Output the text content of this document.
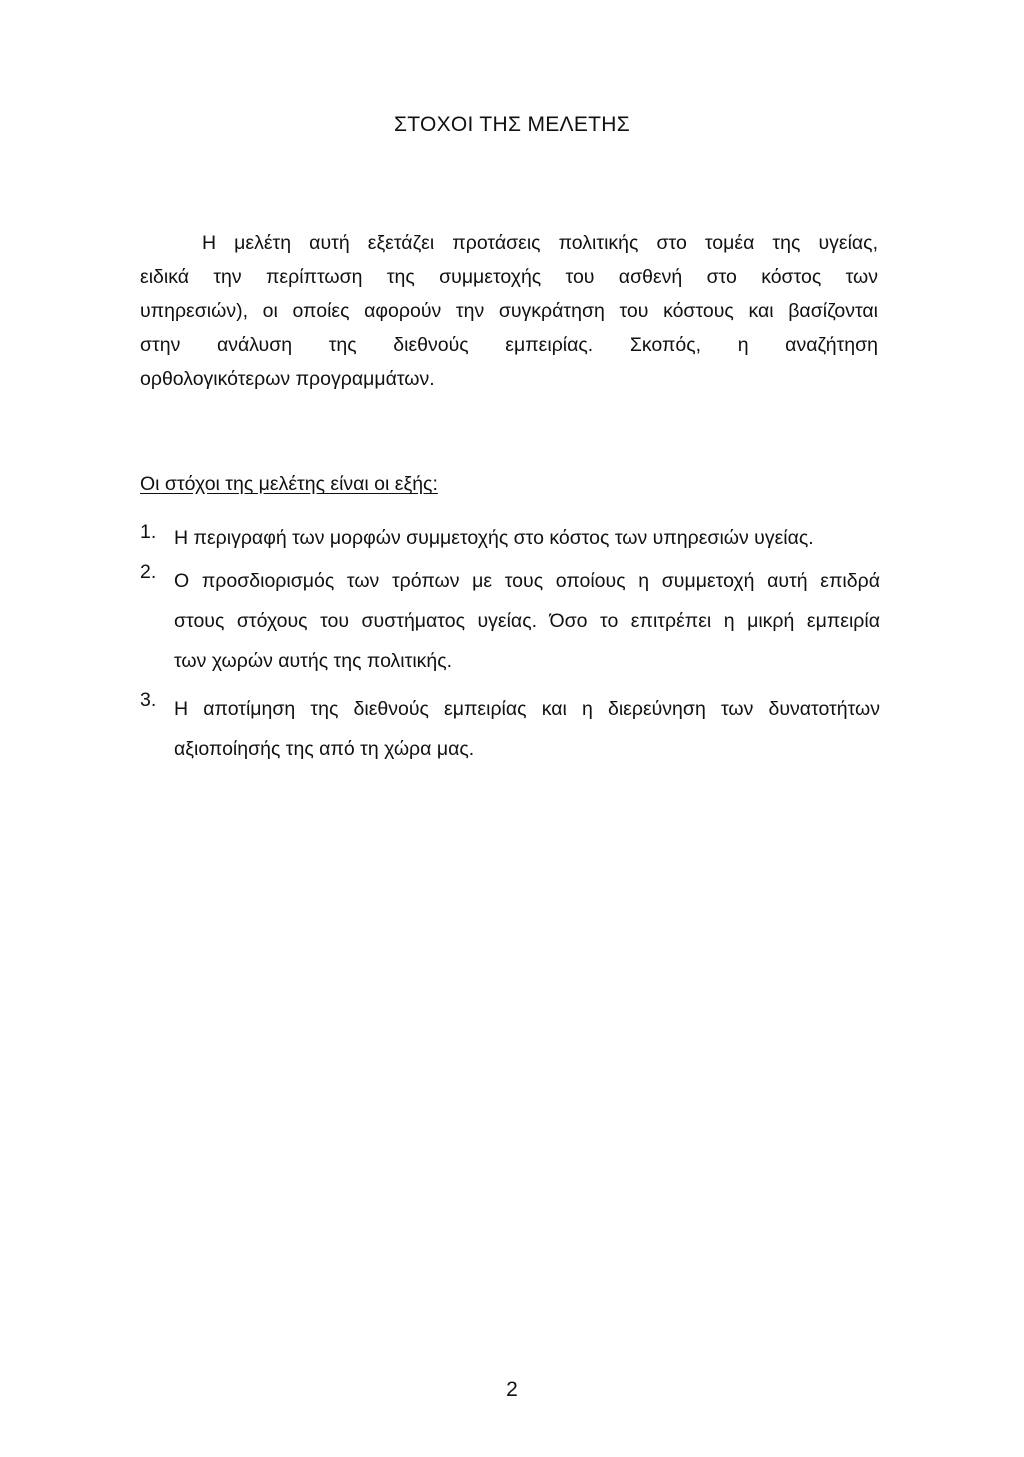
ΣΤΟΧΟΙ ΤΗΣ ΜΕΛΕΤΗΣ
Η μελέτη αυτή εξετάζει προτάσεις πολιτικής στο τομέα της υγείας,
ειδικά την περίπτωση της συμμετοχής του ασθενή στο κόστος των
υπηρεσιών), οι οποίες αφορούν την συγκράτηση του κόστους και βασίζονται
στην ανάλυση της διεθνούς εμπειρίας. Σκοπός, η αναζήτηση
ορθολογικότερων προγραμμάτων.
Οι στόχοι της μελέτης είναι οι εξής:
1. Η περιγραφή των μορφών συμμετοχής στο κόστος των υπηρεσιών υγείας.
2. Ο προσδιορισμός των τρόπων με τους οποίους η συμμετοχή αυτή επιδρά
στους στόχους του συστήματος υγείας. Όσο το επιτρέπει η μικρή εμπειρία
των χωρών αυτής της πολιτικής.
3. Η αποτίμηση της διεθνούς εμπειρίας και η διερεύνηση των δυνατοτήτων
αξιοποίησής της από τη χώρα μας.
2
